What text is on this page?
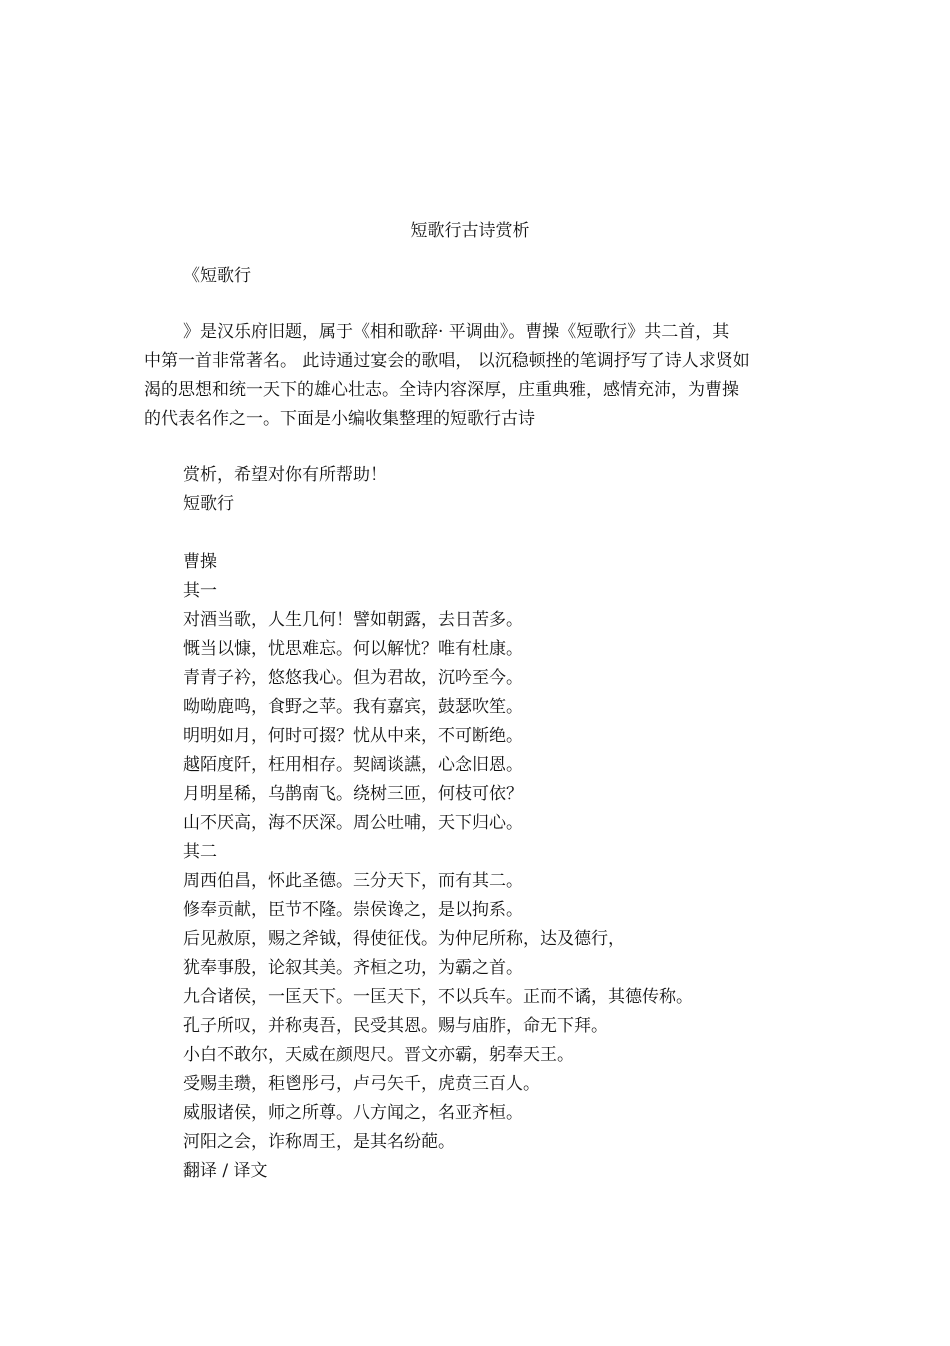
短歌行古诗赏析
《短歌行
》是汉乐府旧题，属于《相和歌辞· 平调曲》。曹操《短歌行》共二首，其
中第一首非常著名。 此诗通过宴会的歌唱， 以沉稳顿挫的笔调抒写了诗人求贤如
渴的思想和统一天下的雄心壮志。全诗内容深厚，庄重典雅，感情充沛，为曹操
的代表名作之一。下面是小编收集整理的短歌行古诗
赏析，希望对你有所帮助！
短歌行
曹操
其一
对酒当歌，人生几何！譬如朝露，去日苦多。
慨当以慷，忧思难忘。何以解忧？唯有杜康。
青青子衿，悠悠我心。但为君故，沉吟至今。
呦呦鹿鸣，食野之苹。我有嘉宾，鼓瑟吹笙。
明明如月，何时可掇？忧从中来，不可断绝。
越陌度阡，枉用相存。契阔谈讌，心念旧恩。
月明星稀，乌鹊南飞。绕树三匝，何枝可依？
山不厌高，海不厌深。周公吐哺，天下归心。
其二
周西伯昌，怀此圣德。三分天下，而有其二。
修奉贡献，臣节不隆。崇侯谗之，是以拘系。
后见赦原，赐之斧钺，得使征伐。为仲尼所称，达及德行，
犹奉事殷，论叙其美。齐桓之功，为霸之首。
九合诸侯，一匡天下。一匡天下，不以兵车。正而不谲，其德传称。
孔子所叹，并称夷吾，民受其恩。赐与庙胙，命无下拜。
小白不敢尔，天威在颜咫尺。晋文亦霸，躬奉天王。
受赐圭瓒，秬鬯彤弓，卢弓矢千，虎贲三百人。
威服诸侯，师之所尊。八方闻之，名亚齐桓。
河阳之会，诈称周王，是其名纷葩。
翻译 / 译文
